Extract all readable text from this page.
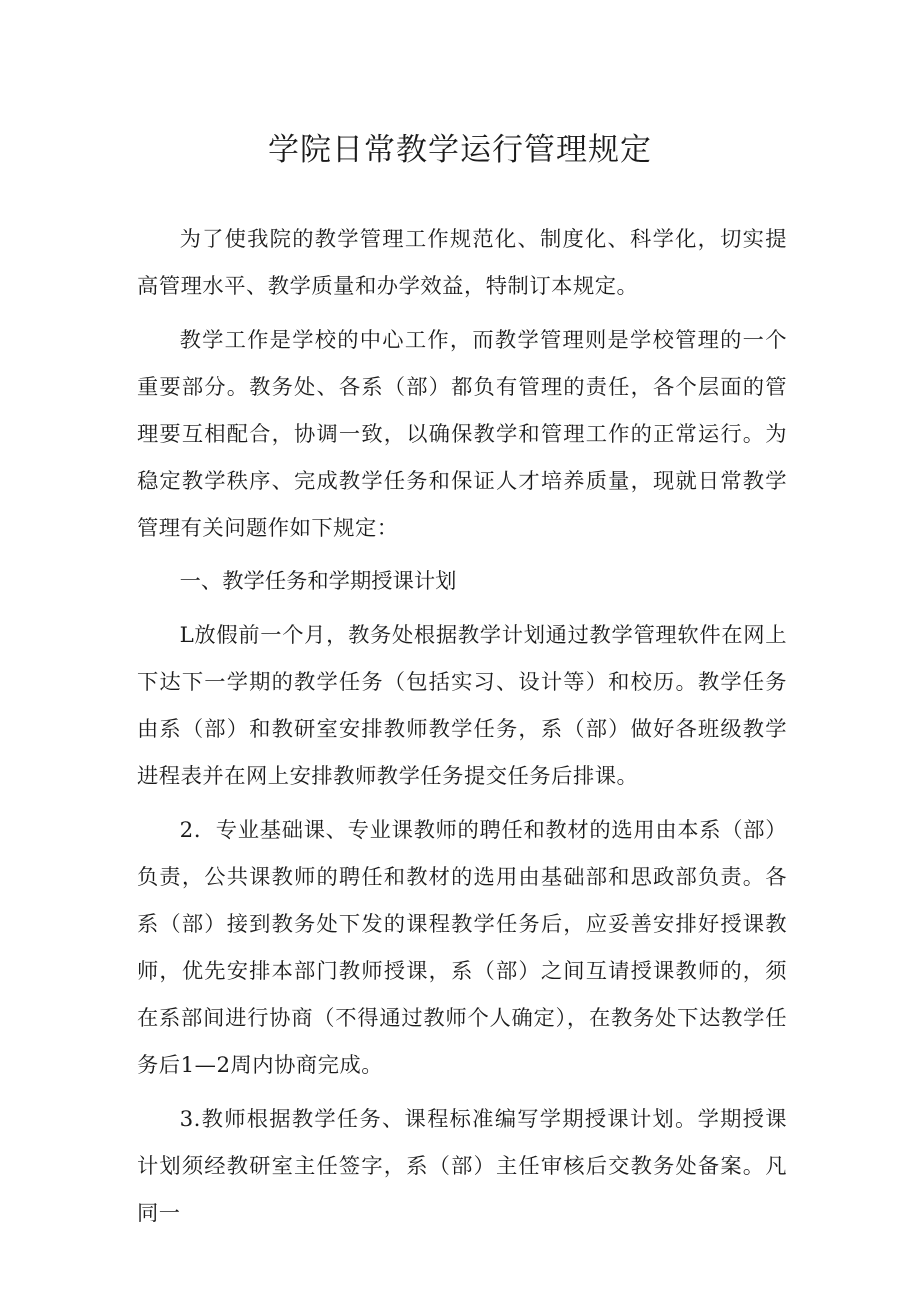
学院日常教学运行管理规定

为了使我院的教学管理工作规范化、制度化、科学化，切实提高管理水平、教学质量和办学效益，特制订本规定。

教学工作是学校的中心工作，而教学管理则是学校管理的一个重要部分。教务处、各系（部）都负有管理的责任，各个层面的管理要互相配合，协调一致，以确保教学和管理工作的正常运行。为稳定教学秩序、完成教学任务和保证人才培养质量，现就日常教学管理有关问题作如下规定：

一、教学任务和学期授课计划

L放假前一个月，教务处根据教学计划通过教学管理软件在网上下达下一学期的教学任务（包括实习、设计等）和校历。教学任务由系（部）和教研室安排教师教学任务，系（部）做好各班级教学进程表并在网上安排教师教学任务提交任务后排课。

2．专业基础课、专业课教师的聘任和教材的选用由本系（部）负责，公共课教师的聘任和教材的选用由基础部和思政部负责。各系（部）接到教务处下发的课程教学任务后，应妥善安排好授课教师，优先安排本部门教师授课，系（部）之间互请授课教师的，须在系部间进行协商（不得通过教师个人确定），在教务处下达教学任务后1—2周内协商完成。

3.教师根据教学任务、课程标准编写学期授课计划。学期授课计划须经教研室主任签字，系（部）主任审核后交教务处备案。凡同一
